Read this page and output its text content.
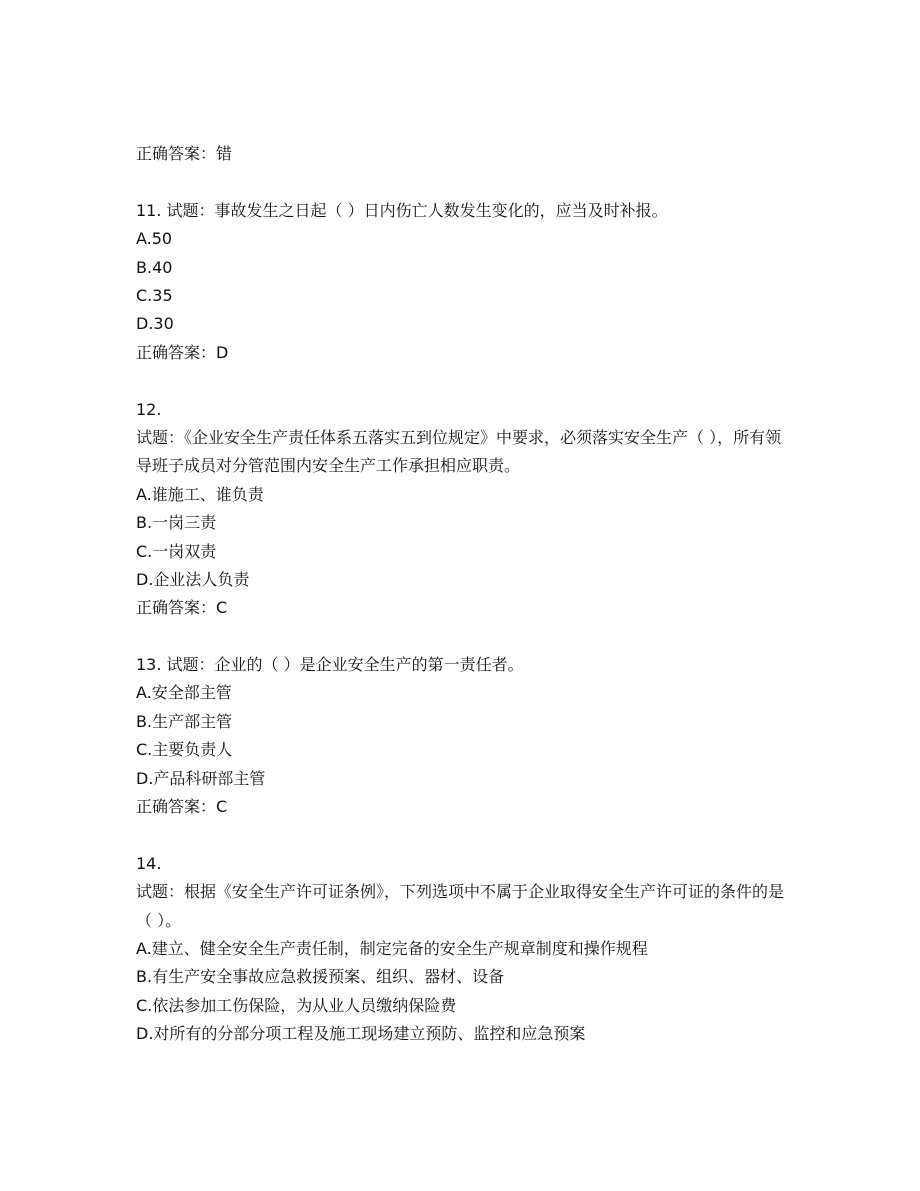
正确答案：错
11. 试题：事故发生之日起（ ）日内伤亡人数发生变化的，应当及时补报。
A.50
B.40
C.35
D.30
正确答案：D
12.
试题：《企业安全生产责任体系五落实五到位规定》中要求，必须落实安全生产（ ），所有领导班子成员对分管范围内安全生产工作承担相应职责。
A.谁施工、谁负责
B.一岗三责
C.一岗双责
D.企业法人负责
正确答案：C
13. 试题：企业的（ ）是企业安全生产的第一责任者。
A.安全部主管
B.生产部主管
C.主要负责人
D.产品科研部主管
正确答案：C
14.
试题：根据《安全生产许可证条例》，下列选项中不属于企业取得安全生产许可证的条件的是（ ）。
A.建立、健全安全生产责任制，制定完备的安全生产规章制度和操作规程
B.有生产安全事故应急救援预案、组织、器材、设备
C.依法参加工伤保险，为从业人员缴纳保险费
D.对所有的分部分项工程及施工现场建立预防、监控和应急预案
